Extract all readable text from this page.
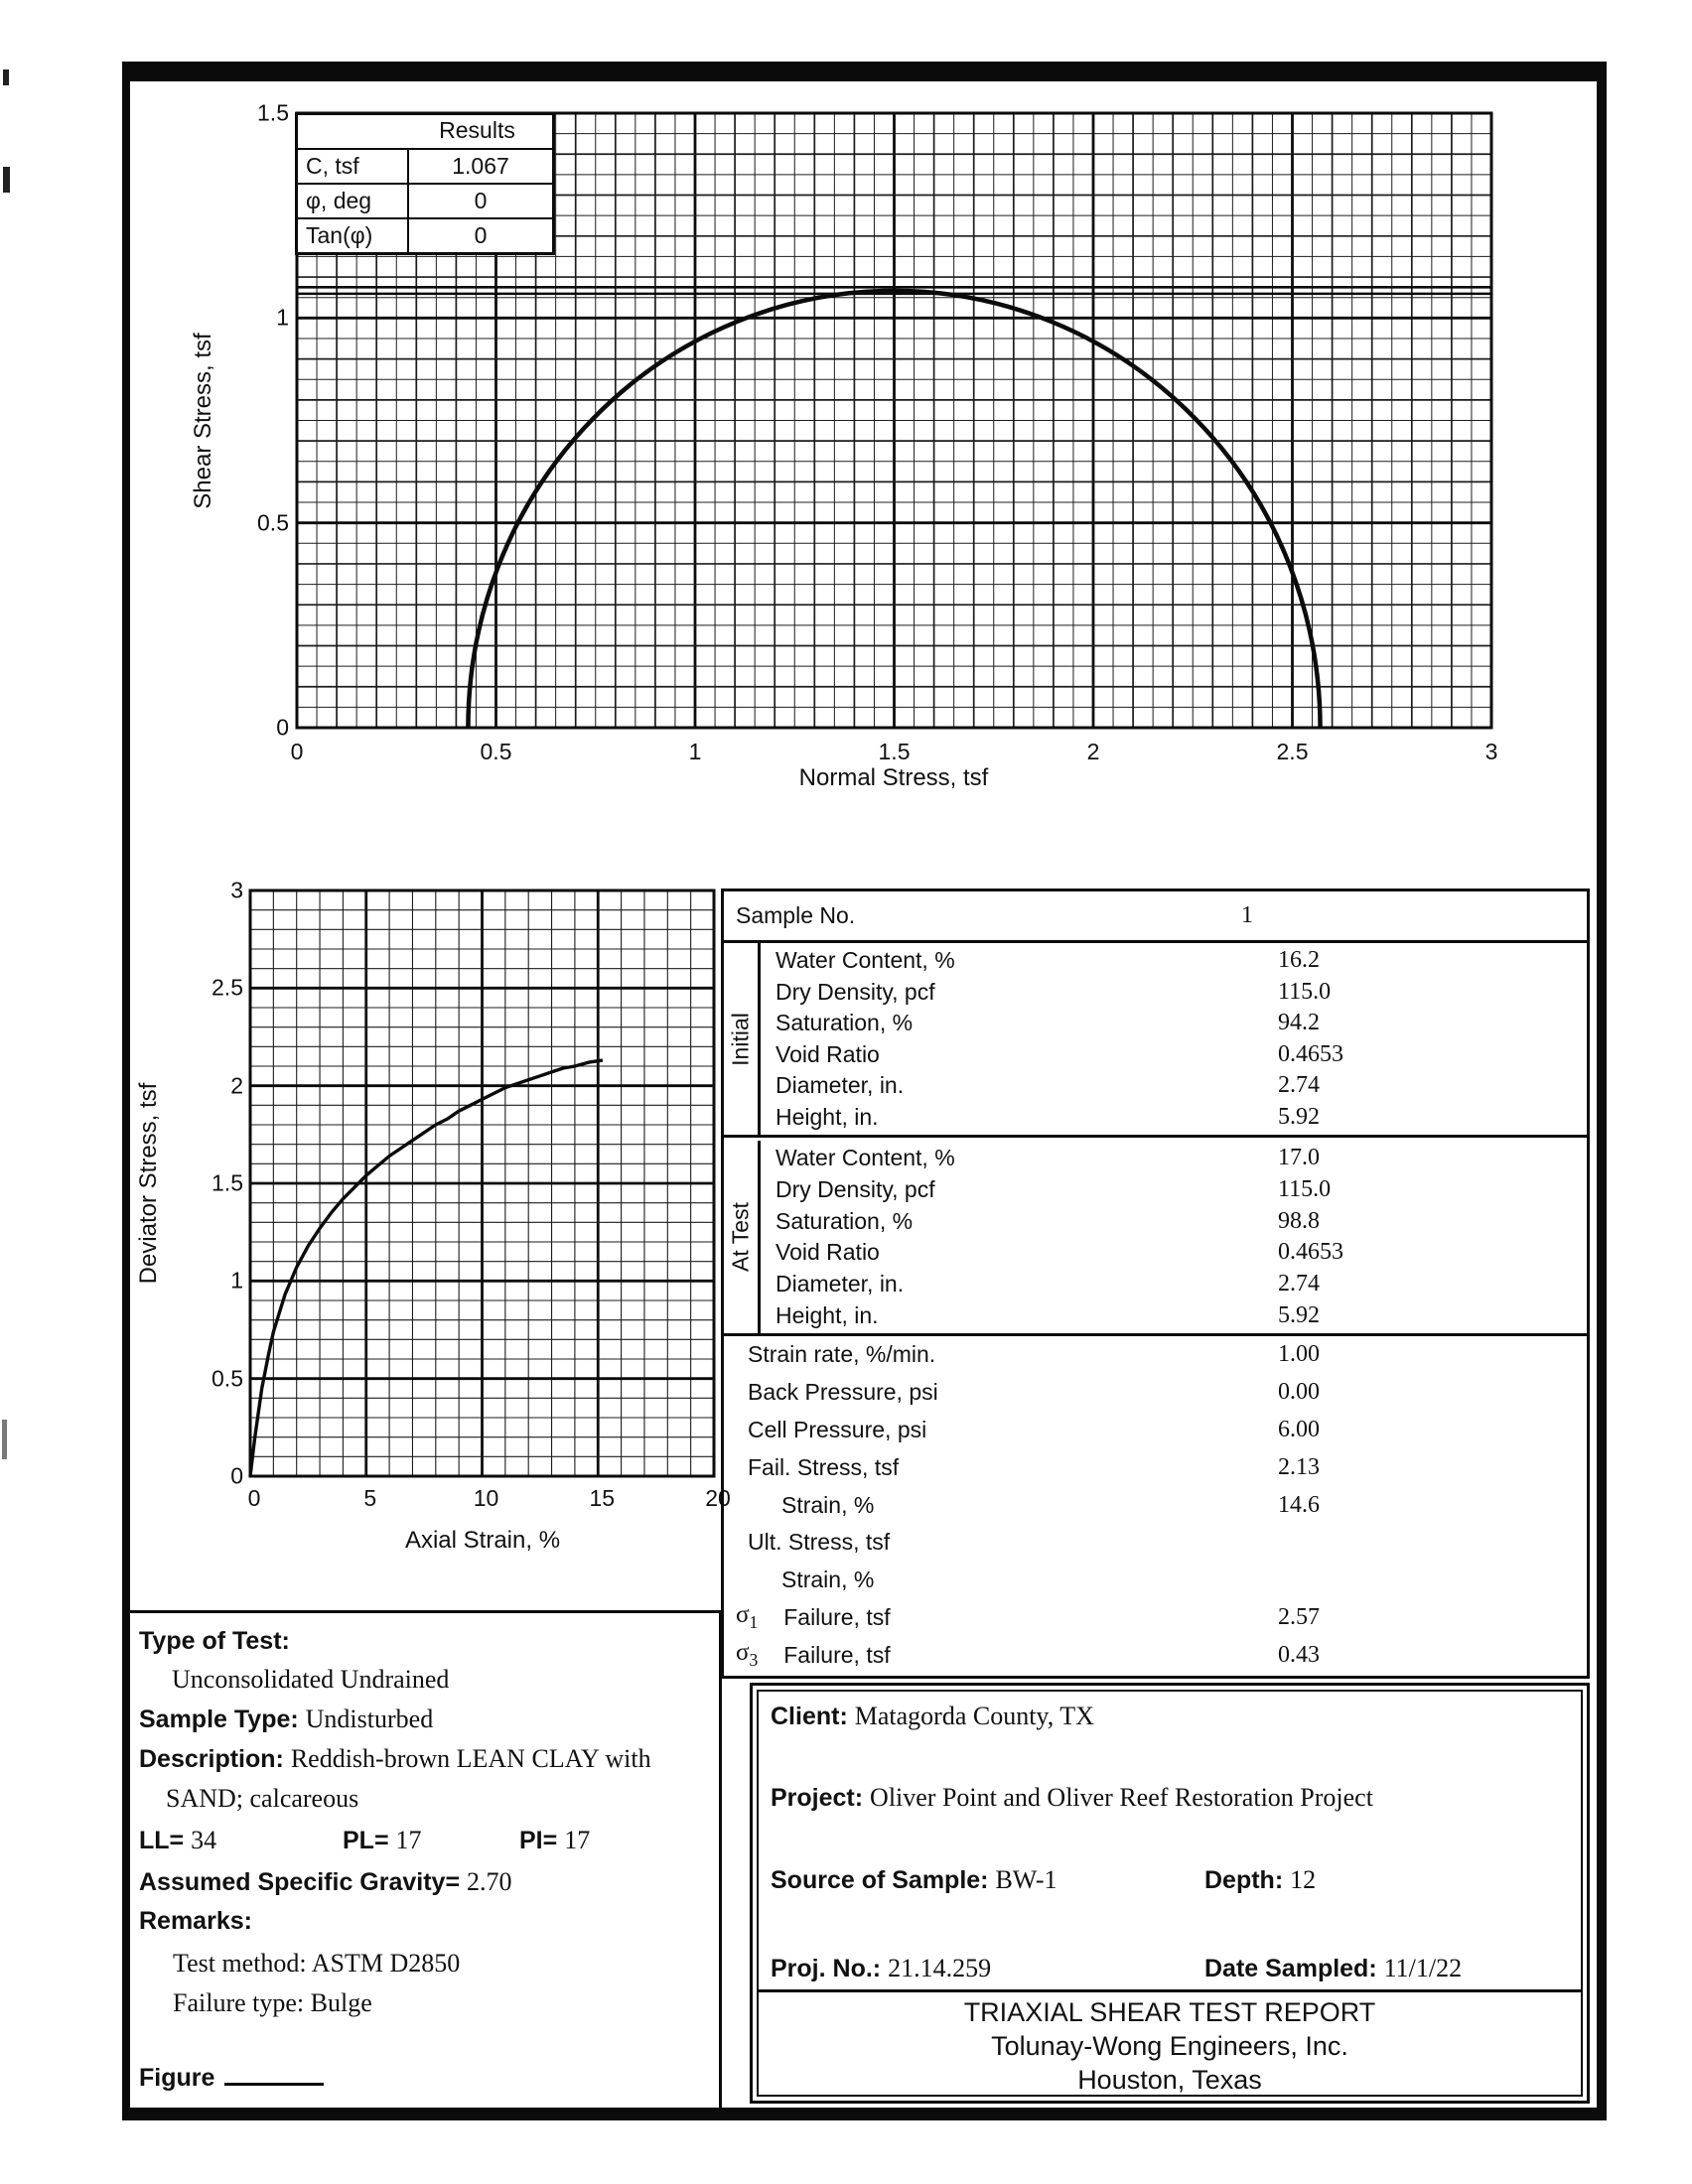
Shear Stress, tsf
Normal Stress, tsf
Results
C, tsf	1.067
φ, deg	0
Tan(φ)	0
Deviator Stress, tsf
Axial Strain, %
0	0.5	1	1.5	2	2.5	3
0
0.5
1
1.5
0	5	10	15	20
0
0.5
1
1.5
2
2.5
3
Sample No.	1
Initial
Water Content, %	16.2
Dry Density, pcf	115.0
Saturation, %	94.2
Void Ratio	0.4653
Diameter, in.	2.74
Height, in.	5.92
At Test
Water Content, %	17.0
Dry Density, pcf	115.0
Saturation, %	98.8
Void Ratio	0.4653
Diameter, in.	2.74
Height, in.	5.92
Strain rate, %/min.	1.00
Back Pressure, psi	0.00
Cell Pressure, psi	6.00
Fail. Stress, tsf	2.13
Strain, %	14.6
Ult. Stress, tsf
Strain, %
$\sigma_1$	Failure, tsf	2.57
$\sigma_3$	Failure, tsf	0.43
Type of Test:
Unconsolidated Undrained
Sample Type: Undisturbed
Description: Reddish-brown LEAN CLAY with
SAND; calcareous
LL= 34	PL= 17	PI= 17
Assumed Specific Gravity= 2.70
Remarks:
Test method: ASTM D2850
Failure type: Bulge
Figure
Client: Matagorda County, TX
Project: Oliver Point and Oliver Reef Restoration Project
Source of Sample: BW-1	Depth: 12
Proj. No.: 21.14.259	Date Sampled: 11/1/22
TRIAXIAL SHEAR TEST REPORT
Tolunay-Wong Engineers, Inc.
Houston, Texas
